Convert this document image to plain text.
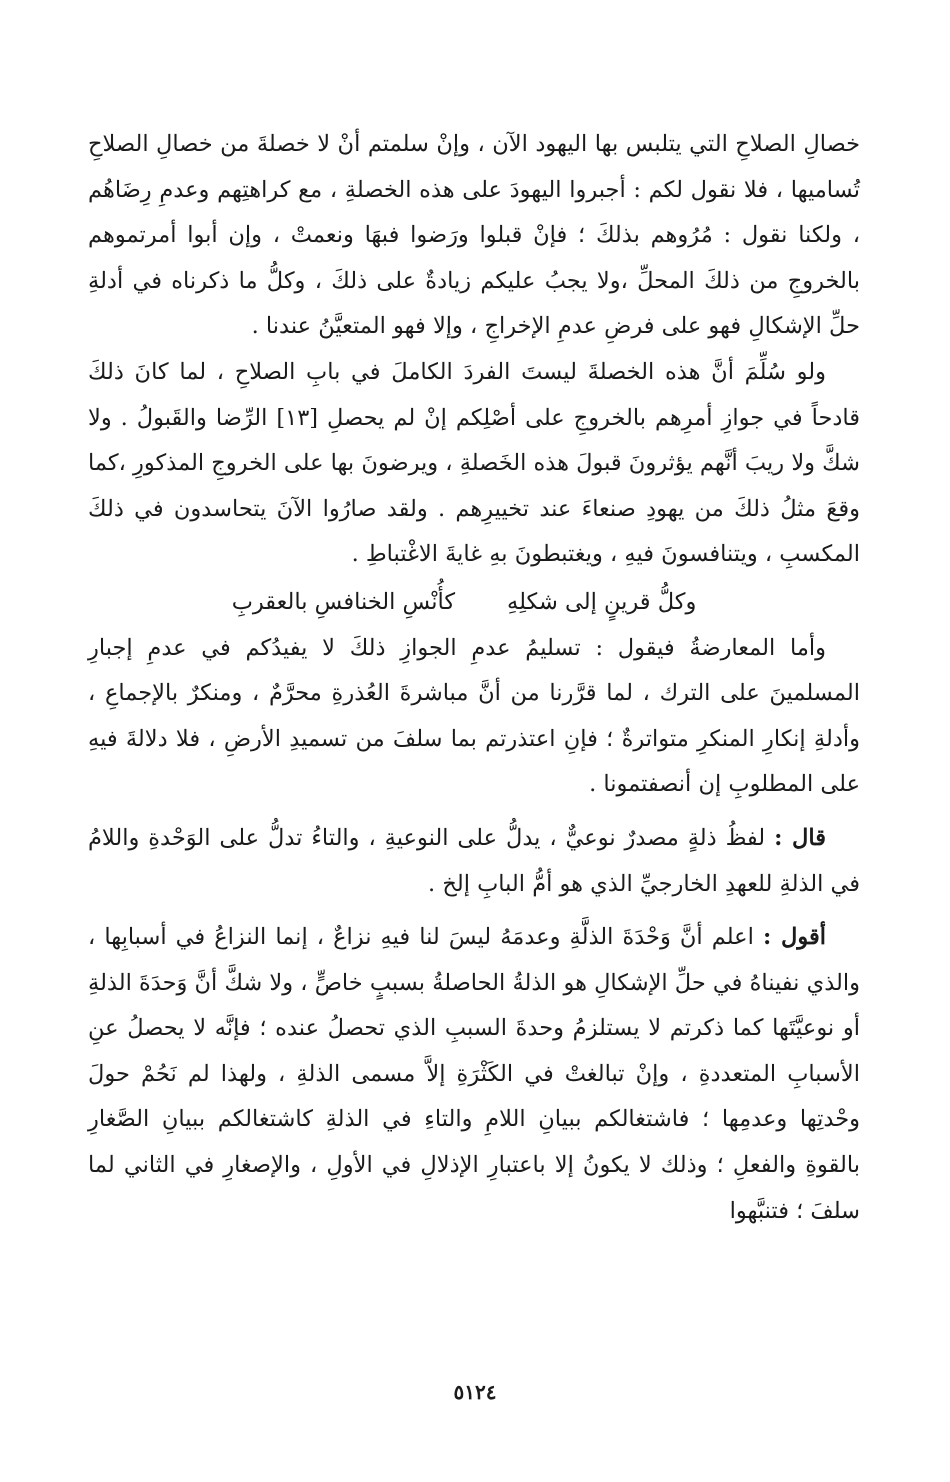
خصالِ الصلاحِ التي يتلبس بها اليهود الآن ، وإنْ سلمتم أنْ لا خصلةَ من خصالِ الصلاحِ تُساميها ، فلا نقول لكم : أجبروا اليهودَ على هذه الخصلةِ ، مع كراهتِهم وعدمِ رِضَاهُم ، ولكنا نقول : مُرُوهم بذلكَ ؛ فإنْ قبلوا ورَضوا فبهَا ونعمتْ ، وإن أبوا أمرتموهم بالخروجِ من ذلكَ المحلِّ ،ولا يجبُ عليكم زيادةٌ على ذلكَ ، وكلُّ ما ذكرناه في أدلةِ حلِّ الإشكالِ فهو على فرضِ عدمِ الإخراجِ ، وإلا فهو المتعيَّنُ عندنا .

ولو سُلِّمَ أنَّ هذه الخصلةَ ليستَ الفردَ الكاملَ في بابِ الصلاحِ ، لما كانَ ذلكَ قادحاً في جوازِ أمرِهم بالخروجِ على أصْلِكم إنْ لم يحصلِ [١٣] الرِّضا والقَبولُ . ولا شكَّ ولا ريبَ أنَّهم يؤثرونَ قبولَ هذه الخَصلةِ ، ويرضونَ بها على الخروجِ المذكورِ ،كما وقعَ مثلُ ذلكَ من يهودِ صنعاءَ عند تخييرِهم . ولقد صارُوا الآنَ يتحاسدون في ذلكَ المكسبِ ، ويتنافسونَ فيهِ ، ويغتبطونَ بهِ غايةَ الاغْتباطِ .

وكلُّ قرينٍ إلى شكلِهِ
كأُنْسِ الخنافسِ بالعقربِ

وأما المعارضةُ فيقول : تسليمُ عدمِ الجوازِ ذلكَ لا يفيدُكم في عدمِ إجبارِ المسلمينَ على الترك ، لما قرَّرنا من أنَّ مباشرةَ العُذرةِ محرَّمٌ ، ومنكرٌ بالإجماعِ ، وأدلةِ إنكارِ المنكرِ متواترةٌ ؛ فإنِ اعتذرتم بما سلفَ من تسميدِ الأرضِ ، فلا دلالةَ فيهِ على المطلوبِ إن أنصفتمونا .

قال : لفظُ ذلةٍ مصدرٌ نوعيٌّ ، يدلُّ على النوعيةِ ، والتاءُ تدلُّ على الوَحْدةِ واللامُ في الذلةِ للعهدِ الخارجيِّ الذي هو أمُّ البابِ إلخ .

أقول : اعلم أنَّ وَحْدَةَ الذلَّةِ وعدمَهُ ليسَ لنا فيهِ نزاعٌ ، إنما النزاعُ في أسبابِها ، والذي نفيناهُ في حلِّ الإشكالِ هو الذلةُ الحاصلةُ بسببٍ خاصٍّ ، ولا شكَّ أنَّ وَحدَةَ الذلةِ أو نوعيَّتَها كما ذكرتم لا يستلزمُ وحدةَ السببِ الذي تحصلُ عنده ؛ فإنَّه لا يحصلُ عنِ الأسبابِ المتعددةِ ، وإنْ تبالغتْ في الكَثْرَةِ إلاَّ مسمى الذلةِ ، ولهذا لم نَحُمْ حولَ وحْدتِها وعدمِها ؛ فاشتغالكم ببيانِ اللامِ والتاءِ في الذلةِ كاشتغالكم ببيانِ الصَّغارِ بالقوةِ والفعلِ ؛ وذلك لا يكونُ إلا باعتبارِ الإذلالِ في الأولِ ، والإصغارِ في الثاني لما سلفَ ؛ فتنبَّهوا

٥١٢٤
